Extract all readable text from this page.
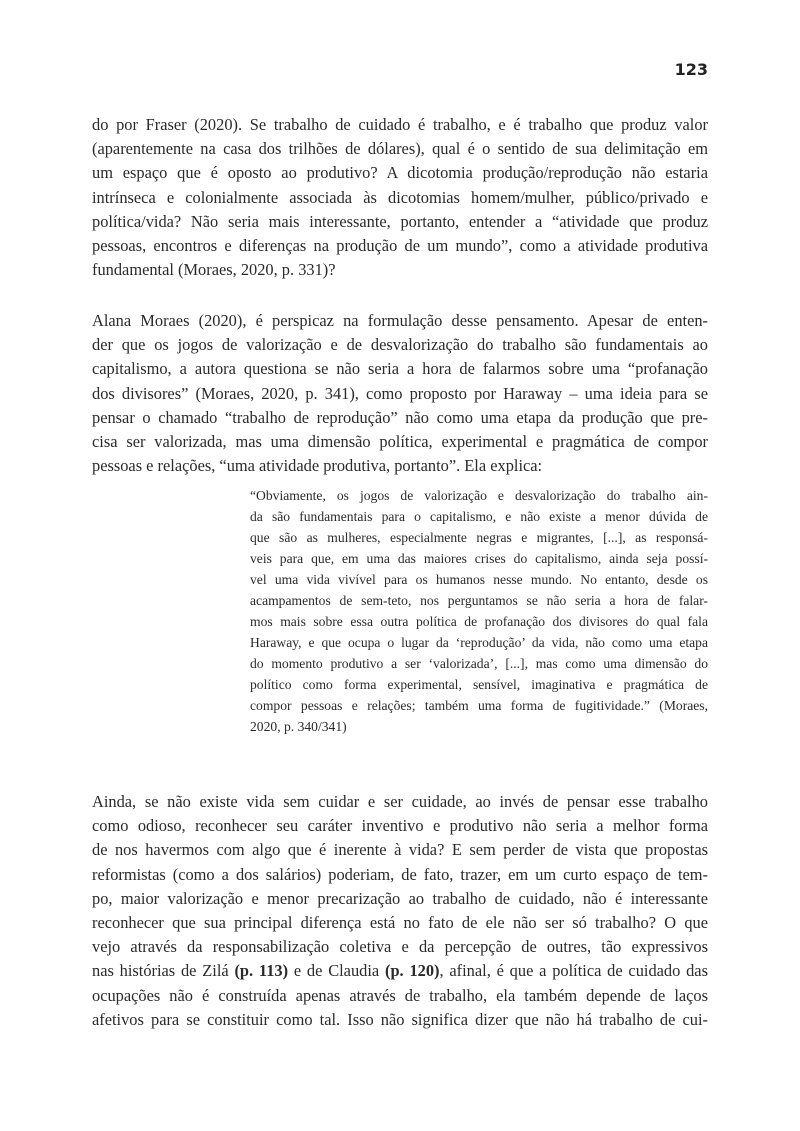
123
do por Fraser (2020). Se trabalho de cuidado é trabalho, e é trabalho que produz valor
(aparentemente na casa dos trilhões de dólares), qual é o sentido de sua delimitação em
um espaço que é oposto ao produtivo? A dicotomia produção/reprodução não estaria
intrínseca e colonialmente associada às dicotomias homem/mulher, público/privado e
política/vida? Não seria mais interessante, portanto, entender a “atividade que produz
pessoas, encontros e diferenças na produção de um mundo”, como a atividade produtiva
fundamental (Moraes, 2020, p. 331)?
Alana Moraes (2020), é perspicaz na formulação desse pensamento. Apesar de enten-
der que os jogos de valorização e de desvalorização do trabalho são fundamentais ao
capitalismo, a autora questiona se não seria a hora de falarmos sobre uma “profanação
dos divisores” (Moraes, 2020, p. 341), como proposto por Haraway – uma ideia para se
pensar o chamado “trabalho de reprodução” não como uma etapa da produção que pre-
cisa ser valorizada, mas uma dimensão política, experimental e pragmática de compor
pessoas e relações, “uma atividade produtiva, portanto”. Ela explica:
“Obviamente, os jogos de valorização e desvalorização do trabalho ain-
da são fundamentais para o capitalismo, e não existe a menor dúvida de
que são as mulheres, especialmente negras e migrantes, [...], as responsá-
veis para que, em uma das maiores crises do capitalismo, ainda seja possí-
vel uma vida vivível para os humanos nesse mundo. No entanto, desde os
acampamentos de sem-teto, nos perguntamos se não seria a hora de falar-
mos mais sobre essa outra política de profanação dos divisores do qual fala
Haraway, e que ocupa o lugar da ‘reprodução’ da vida, não como uma etapa
do momento produtivo a ser ‘valorizada’, [...], mas como uma dimensão do
político como forma experimental, sensível, imaginativa e pragmática de
compor pessoas e relações; também uma forma de fugitividade.” (Moraes,
2020, p. 340/341)
Ainda, se não existe vida sem cuidar e ser cuidade, ao invés de pensar esse trabalho
como odioso, reconhecer seu caráter inventivo e produtivo não seria a melhor forma
de nos havermos com algo que é inerente à vida? E sem perder de vista que propostas
reformistas (como a dos salários) poderiam, de fato, trazer, em um curto espaço de tem-
po, maior valorização e menor precarização ao trabalho de cuidado, não é interessante
reconhecer que sua principal diferença está no fato de ele não ser só trabalho? O que
vejo através da responsabilização coletiva e da percepção de outres, tão expressivos
nas histórias de Zilá (p. 113) e de Claudia (p. 120), afinal, é que a política de cuidado das
ocupações não é construída apenas através de trabalho, ela também depende de laços
afetivos para se constituir como tal. Isso não significa dizer que não há trabalho de cui-
